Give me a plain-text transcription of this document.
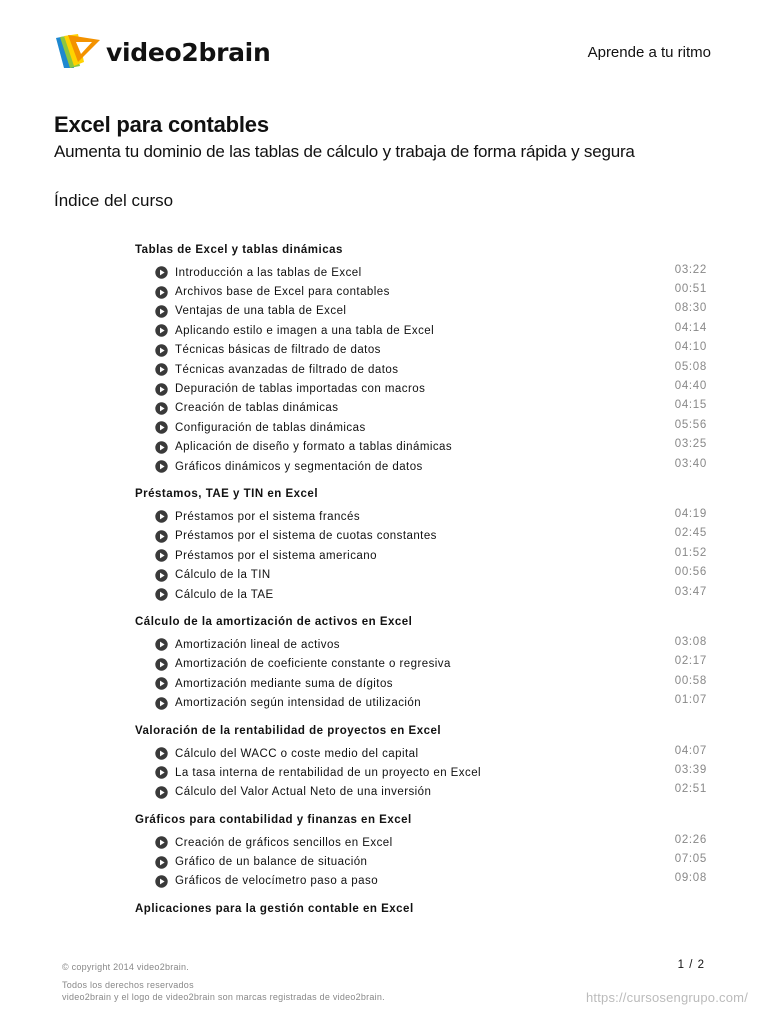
video2brain	Aprende a tu ritmo
Excel para contables
Aumenta tu dominio de las tablas de cálculo y trabaja de forma rápida y segura
Índice del curso
Tablas de Excel y tablas dinámicas
Introducción a las tablas de Excel	03:22
Archivos base de Excel para contables	00:51
Ventajas de una tabla de Excel	08:30
Aplicando estilo e imagen a una tabla de Excel	04:14
Técnicas básicas de filtrado de datos	04:10
Técnicas avanzadas de filtrado de datos	05:08
Depuración de tablas importadas con macros	04:40
Creación de tablas dinámicas	04:15
Configuración de tablas dinámicas	05:56
Aplicación de diseño y formato a tablas dinámicas	03:25
Gráficos dinámicos y segmentación de datos	03:40
Préstamos, TAE y TIN en Excel
Préstamos por el sistema francés	04:19
Préstamos por el sistema de cuotas constantes	02:45
Préstamos por el sistema americano	01:52
Cálculo de la TIN	00:56
Cálculo de la TAE	03:47
Cálculo de la amortización de activos en Excel
Amortización lineal de activos	03:08
Amortización de coeficiente constante o regresiva	02:17
Amortización mediante suma de dígitos	00:58
Amortización según intensidad de utilización	01:07
Valoración de la rentabilidad de proyectos en Excel
Cálculo del WACC o coste medio del capital	04:07
La tasa interna de rentabilidad de un proyecto en Excel	03:39
Cálculo del Valor Actual Neto de una inversión	02:51
Gráficos para contabilidad y finanzas en Excel
Creación de gráficos sencillos en Excel	02:26
Gráfico de un balance de situación	07:05
Gráficos de velocímetro paso a paso	09:08
Aplicaciones para la gestión contable en Excel
© copyright 2014 video2brain.
Todos los derechos reservados
video2brain y el logo de video2brain son marcas registradas de video2brain.
1 / 2
https://cursosengrupo.com/
